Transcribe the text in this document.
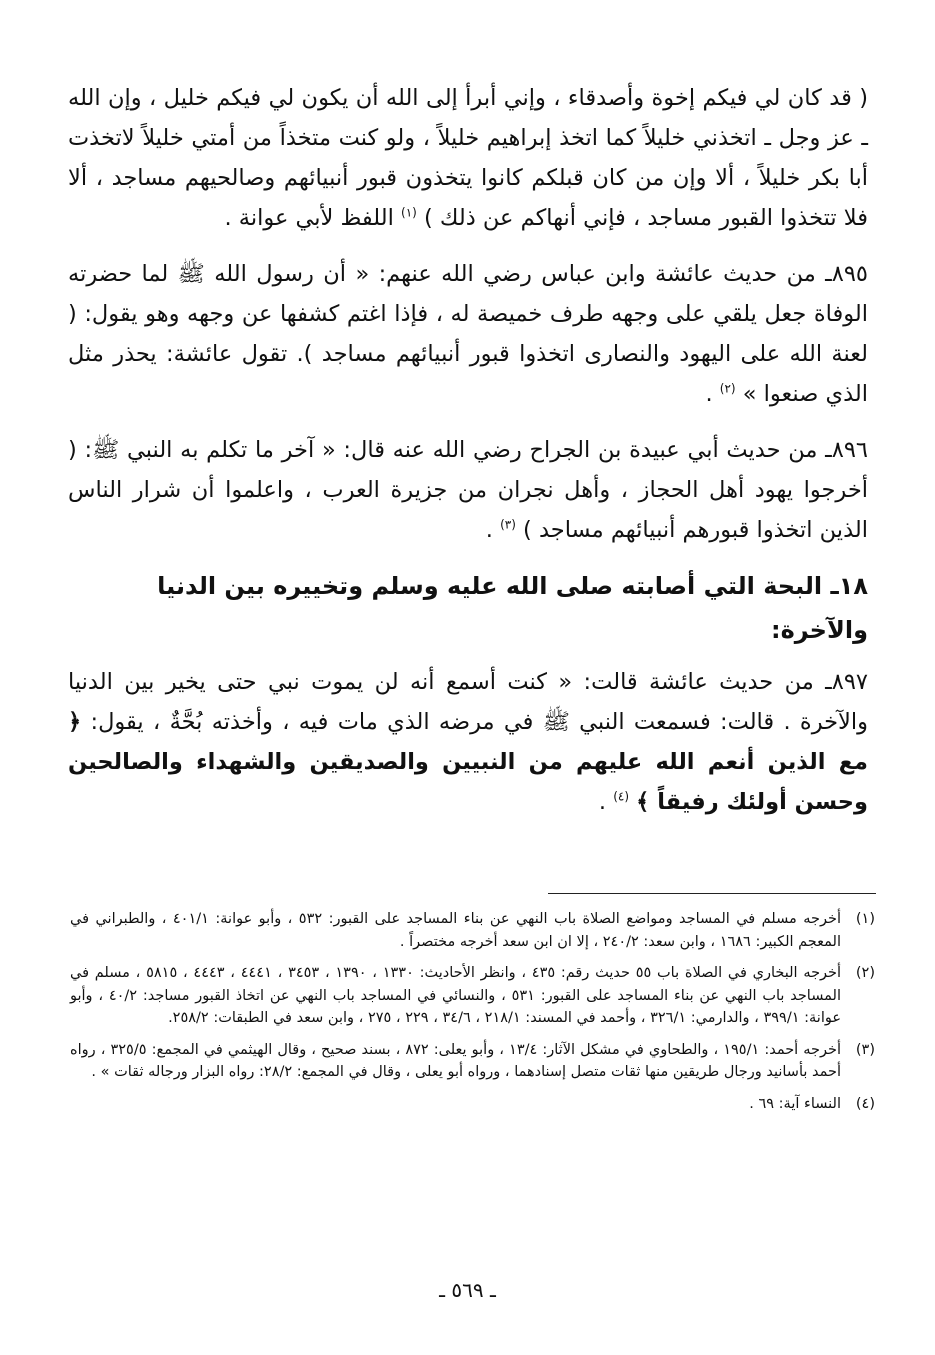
( قد كان لي فيكم إخوة وأصدقاء ، وإني أبرأ إلى الله أن يكون لي فيكم خليل ، وإن الله ـ عز وجل ـ اتخذني خليلاً كما اتخذ إبراهيم خليلاً ، ولو كنت متخذاً من أمتي خليلاً لاتخذت أبا بكر خليلاً ، ألا وإن من كان قبلكم كانوا يتخذون قبور أنبيائهم وصالحيهم مساجد ، ألا فلا تتخذوا القبور مساجد ، فإني أنهاكم عن ذلك ) $^{(١)}$ اللفظ لأبي عوانة .

٨٩٥ـ من حديث عائشة وابن عباس رضي الله عنهم: « أن رسول الله ﷺ لما حضرته الوفاة جعل يلقي على وجهه طرف خميصة له ، فإذا اغتم كشفها عن وجهه وهو يقول: ( لعنة الله على اليهود والنصارى اتخذوا قبور أنبيائهم مساجد ). تقول عائشة: يحذر مثل الذي صنعوا » $^{(٢)}$ .

٨٩٦ـ من حديث أبي عبيدة بن الجراح رضي الله عنه قال: « آخر ما تكلم به النبي ﷺ: ( أخرجوا يهود أهل الحجاز ، وأهل نجران من جزيرة العرب ، واعلموا أن شرار الناس الذين اتخذوا قبورهم أنبيائهم مساجد ) $^{(٣)}$ .

١٨ـ البحة التي أصابته صلى الله عليه وسلم وتخييره بين الدنيا والآخرة:

٨٩٧ـ من حديث عائشة قالت: « كنت أسمع أنه لن يموت نبي حتى يخير بين الدنيا والآخرة . قالت: فسمعت النبي ﷺ في مرضه الذي مات فيه ، وأخذته بُحَّةٌ ، يقول: ﴿ مع الذين أنعم الله عليهم من النبيين والصديقين والشهداء والصالحين وحسن أولئك رفيقاً ﴾ $^{(٤)}$ .

(١)
أخرجه مسلم في المساجد ومواضع الصلاة باب النهي عن بناء المساجد على القبور: ٥٣٢ ، وأبو عوانة: ٤٠١/١ ، والطبراني في المعجم الكبير: ١٦٨٦ ، وابن سعد: ٢٤٠/٢ ، إلا ان ابن سعد أخرجه مختصراً .
(٢)
أخرجه البخاري في الصلاة باب ٥٥ حديث رقم: ٤٣٥ ، وانظر الأحاديث: ١٣٣٠ ، ١٣٩٠ ، ٣٤٥٣ ، ٤٤٤١ ، ٤٤٤٣ ، ٥٨١٥ ، مسلم في المساجد باب النهي عن بناء المساجد على القبور: ٥٣١ ، والنسائي في المساجد باب النهي عن اتخاذ القبور مساجد: ٤٠/٢ ، وأبو عوانة: ٣٩٩/١ ، والدارمي: ٣٢٦/١ ، وأحمد في المسند: ٢١٨/١ ، ٣٤/٦ ، ٢٢٩ ، ٢٧٥ ، وابن سعد في الطبقات: ٢٥٨/٢.
(٣)
أخرجه أحمد: ١٩٥/١ ، والطحاوي في مشكل الآثار: ١٣/٤ ، وأبو يعلى: ٨٧٢ ، بسند صحيح ، وقال الهيثمي في المجمع: ٣٢٥/٥ ، رواه أحمد بأسانيد ورجال طريقين منها ثقات متصل إسنادهما ، ورواه أبو يعلى ، وقال في المجمع: ٢٨/٢: رواه البزار ورجاله ثقات » .
(٤)
النساء آية: ٦٩ .
ـ ٥٦٩ ـ
